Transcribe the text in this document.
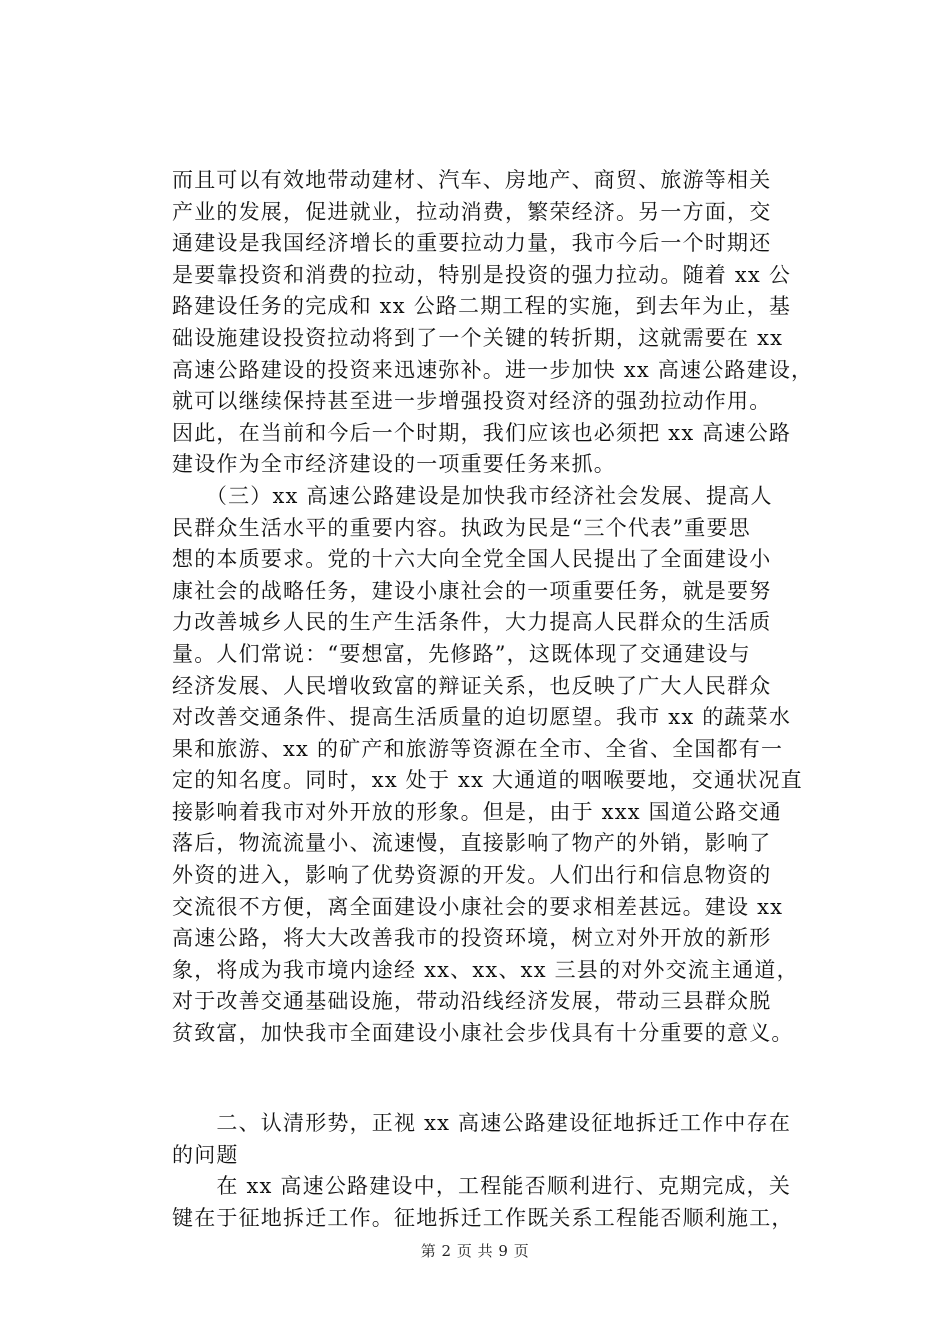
而且可以有效地带动建材、汽车、房地产、商贸、旅游等相关
产业的发展，促进就业，拉动消费，繁荣经济。另一方面，交
通建设是我国经济增长的重要拉动力量，我市今后一个时期还
是要靠投资和消费的拉动，特别是投资的强力拉动。随着 xx 公
路建设任务的完成和 xx 公路二期工程的实施，到去年为止，基
础设施建设投资拉动将到了一个关键的转折期，这就需要在 xx
高速公路建设的投资来迅速弥补。进一步加快 xx 高速公路建设，
就可以继续保持甚至进一步增强投资对经济的强劲拉动作用。
因此，在当前和今后一个时期，我们应该也必须把 xx 高速公路
建设作为全市经济建设的一项重要任务来抓。
　　（三）xx 高速公路建设是加快我市经济社会发展、提高人
民群众生活水平的重要内容。执政为民是“三个代表”重要思
想的本质要求。党的十六大向全党全国人民提出了全面建设小
康社会的战略任务，建设小康社会的一项重要任务，就是要努
力改善城乡人民的生产生活条件，大力提高人民群众的生活质
量。人们常说：“要想富，先修路”，这既体现了交通建设与
经济发展、人民增收致富的辩证关系，也反映了广大人民群众
对改善交通条件、提高生活质量的迫切愿望。我市 xx 的蔬菜水
果和旅游、xx 的矿产和旅游等资源在全市、全省、全国都有一
定的知名度。同时，xx 处于 xx 大通道的咽喉要地，交通状况直
接影响着我市对外开放的形象。但是，由于 xxx 国道公路交通
落后，物流流量小、流速慢，直接影响了物产的外销，影响了
外资的进入，影响了优势资源的开发。人们出行和信息物资的
交流很不方便，离全面建设小康社会的要求相差甚远。建设 xx
高速公路，将大大改善我市的投资环境，树立对外开放的新形
象，将成为我市境内途经 xx、xx、xx 三县的对外交流主通道，
对于改善交通基础设施，带动沿线经济发展，带动三县群众脱
贫致富，加快我市全面建设小康社会步伐具有十分重要的意义。
　　二、认清形势，正视 xx 高速公路建设征地拆迁工作中存在
的问题
　　在 xx 高速公路建设中，工程能否顺利进行、克期完成，关
键在于征地拆迁工作。征地拆迁工作既关系工程能否顺利施工，
第 2 页 共 9 页
